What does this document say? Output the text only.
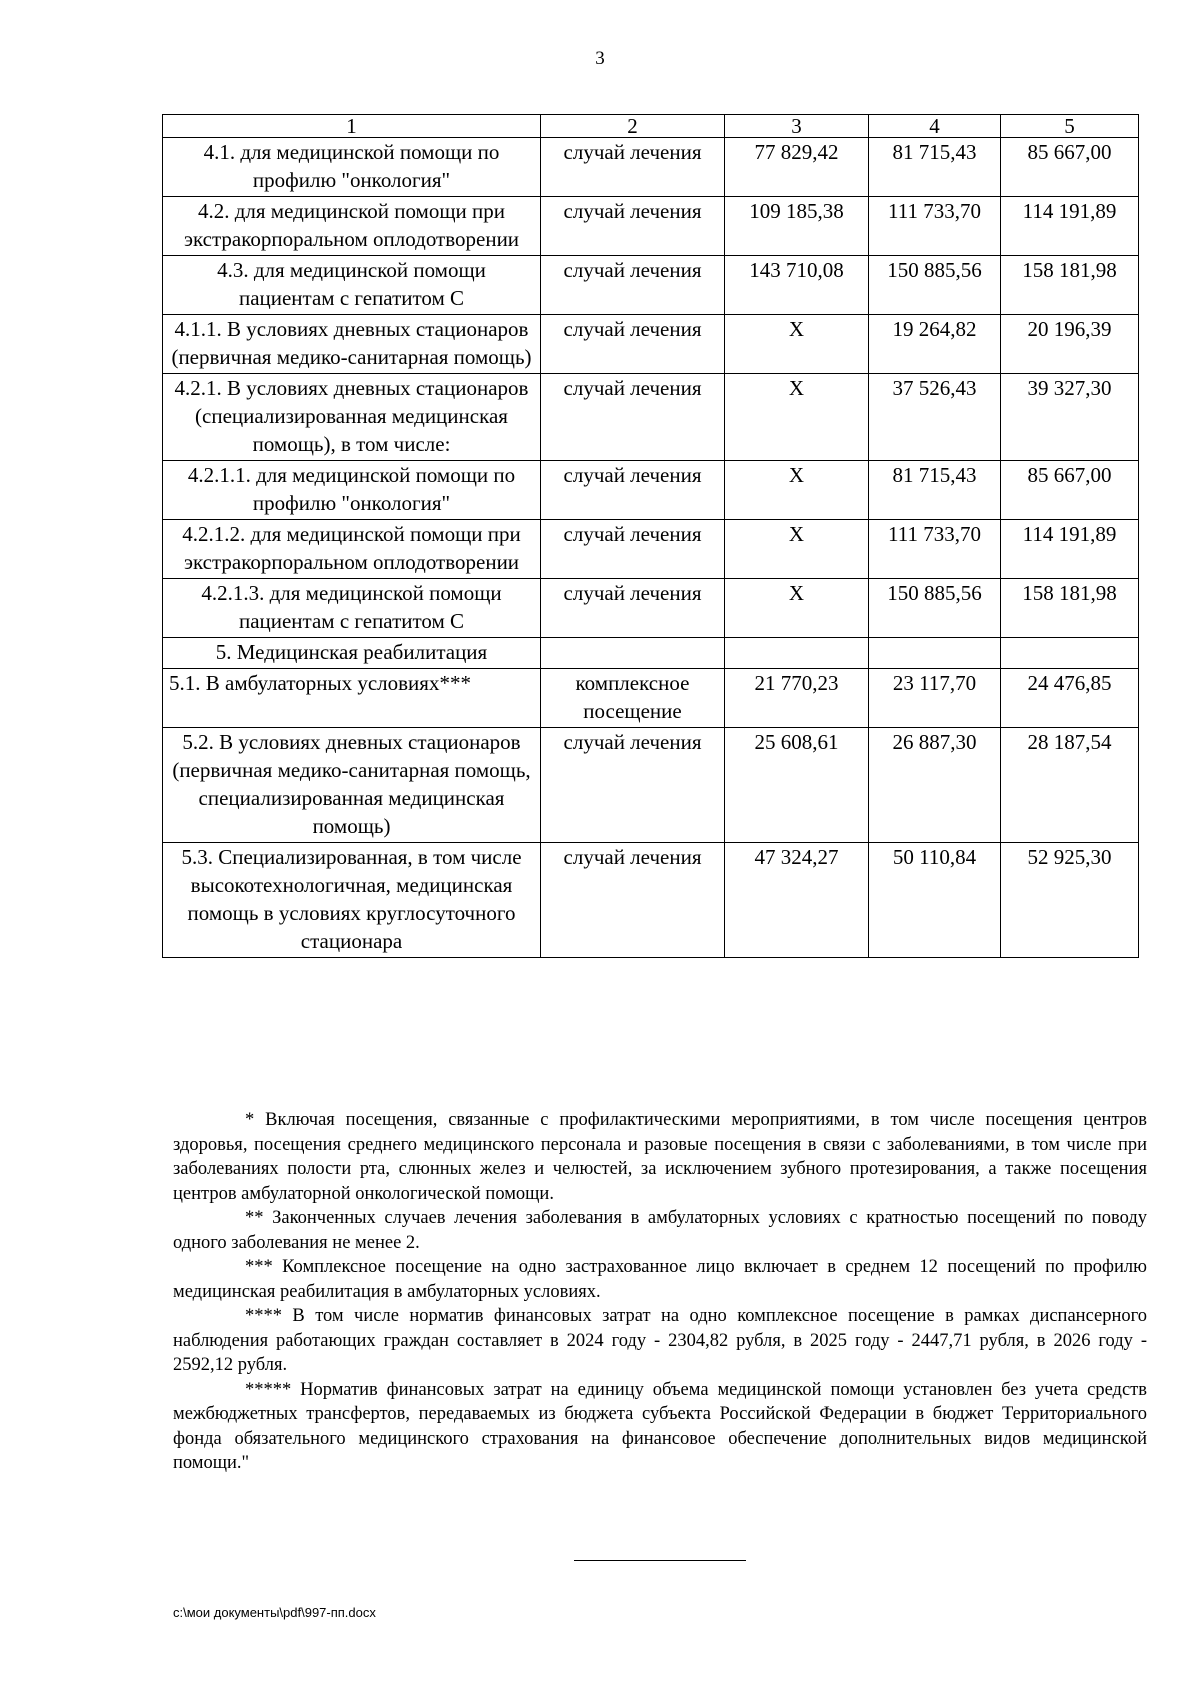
3
1	2	3	4	5
4.1. для медицинской помощи по профилю "онкология"	случай лечения	77 829,42	81 715,43	85 667,00
4.2. для медицинской помощи при экстракорпоральном оплодотворении	случай лечения	109 185,38	111 733,70	114 191,89
4.3. для медицинской помощи пациентам с гепатитом С	случай лечения	143 710,08	150 885,56	158 181,98
4.1.1. В условиях дневных стационаров (первичная медико-санитарная помощь)	случай лечения	Х	19 264,82	20 196,39
4.2.1. В условиях дневных стационаров (специализированная медицинская помощь), в том числе:	случай лечения	Х	37 526,43	39 327,30
4.2.1.1. для медицинской помощи по профилю "онкология"	случай лечения	Х	81 715,43	85 667,00
4.2.1.2. для медицинской помощи при экстракорпоральном оплодотворении	случай лечения	Х	111 733,70	114 191,89
4.2.1.3. для медицинской помощи пациентам с гепатитом С	случай лечения	Х	150 885,56	158 181,98
5. Медицинская реабилитация				
5.1. В амбулаторных условиях***	комплексное посещение	21 770,23	23 117,70	24 476,85
5.2. В условиях дневных стационаров (первичная медико-санитарная помощь, специализированная медицинская помощь)	случай лечения	25 608,61	26 887,30	28 187,54
5.3. Специализированная, в том числе высокотехнологичная, медицинская помощь в условиях круглосуточного стационара	случай лечения	47 324,27	50 110,84	52 925,30

* Включая посещения, связанные с профилактическими мероприятиями, в том числе посещения центров здоровья, посещения среднего медицинского персонала и разовые посещения в связи с заболеваниями, в том числе при заболеваниях полости рта, слюнных желез и челюстей, за исключением зубного протезирования, а также посещения центров амбулаторной онкологической помощи.

** Законченных случаев лечения заболевания в амбулаторных условиях с кратностью посещений по поводу одного заболевания не менее 2.

*** Комплексное посещение на одно застрахованное лицо включает в среднем 12 посещений по профилю медицинская реабилитация в амбулаторных условиях.

**** В том числе норматив финансовых затрат на одно комплексное посещение в рамках диспансерного наблюдения работающих граждан составляет в 2024 году - 2304,82 рубля, в 2025 году - 2447,71 рубля, в 2026 году - 2592,12 рубля.

***** Норматив финансовых затрат на единицу объема медицинской помощи установлен без учета средств межбюджетных трансфертов, передаваемых из бюджета субъекта Российской Федерации в бюджет Территориального фонда обязательного медицинского страхования на финансовое обеспечение дополнительных видов медицинской помощи."

c:\мои документы\pdf\997-пп.docx
